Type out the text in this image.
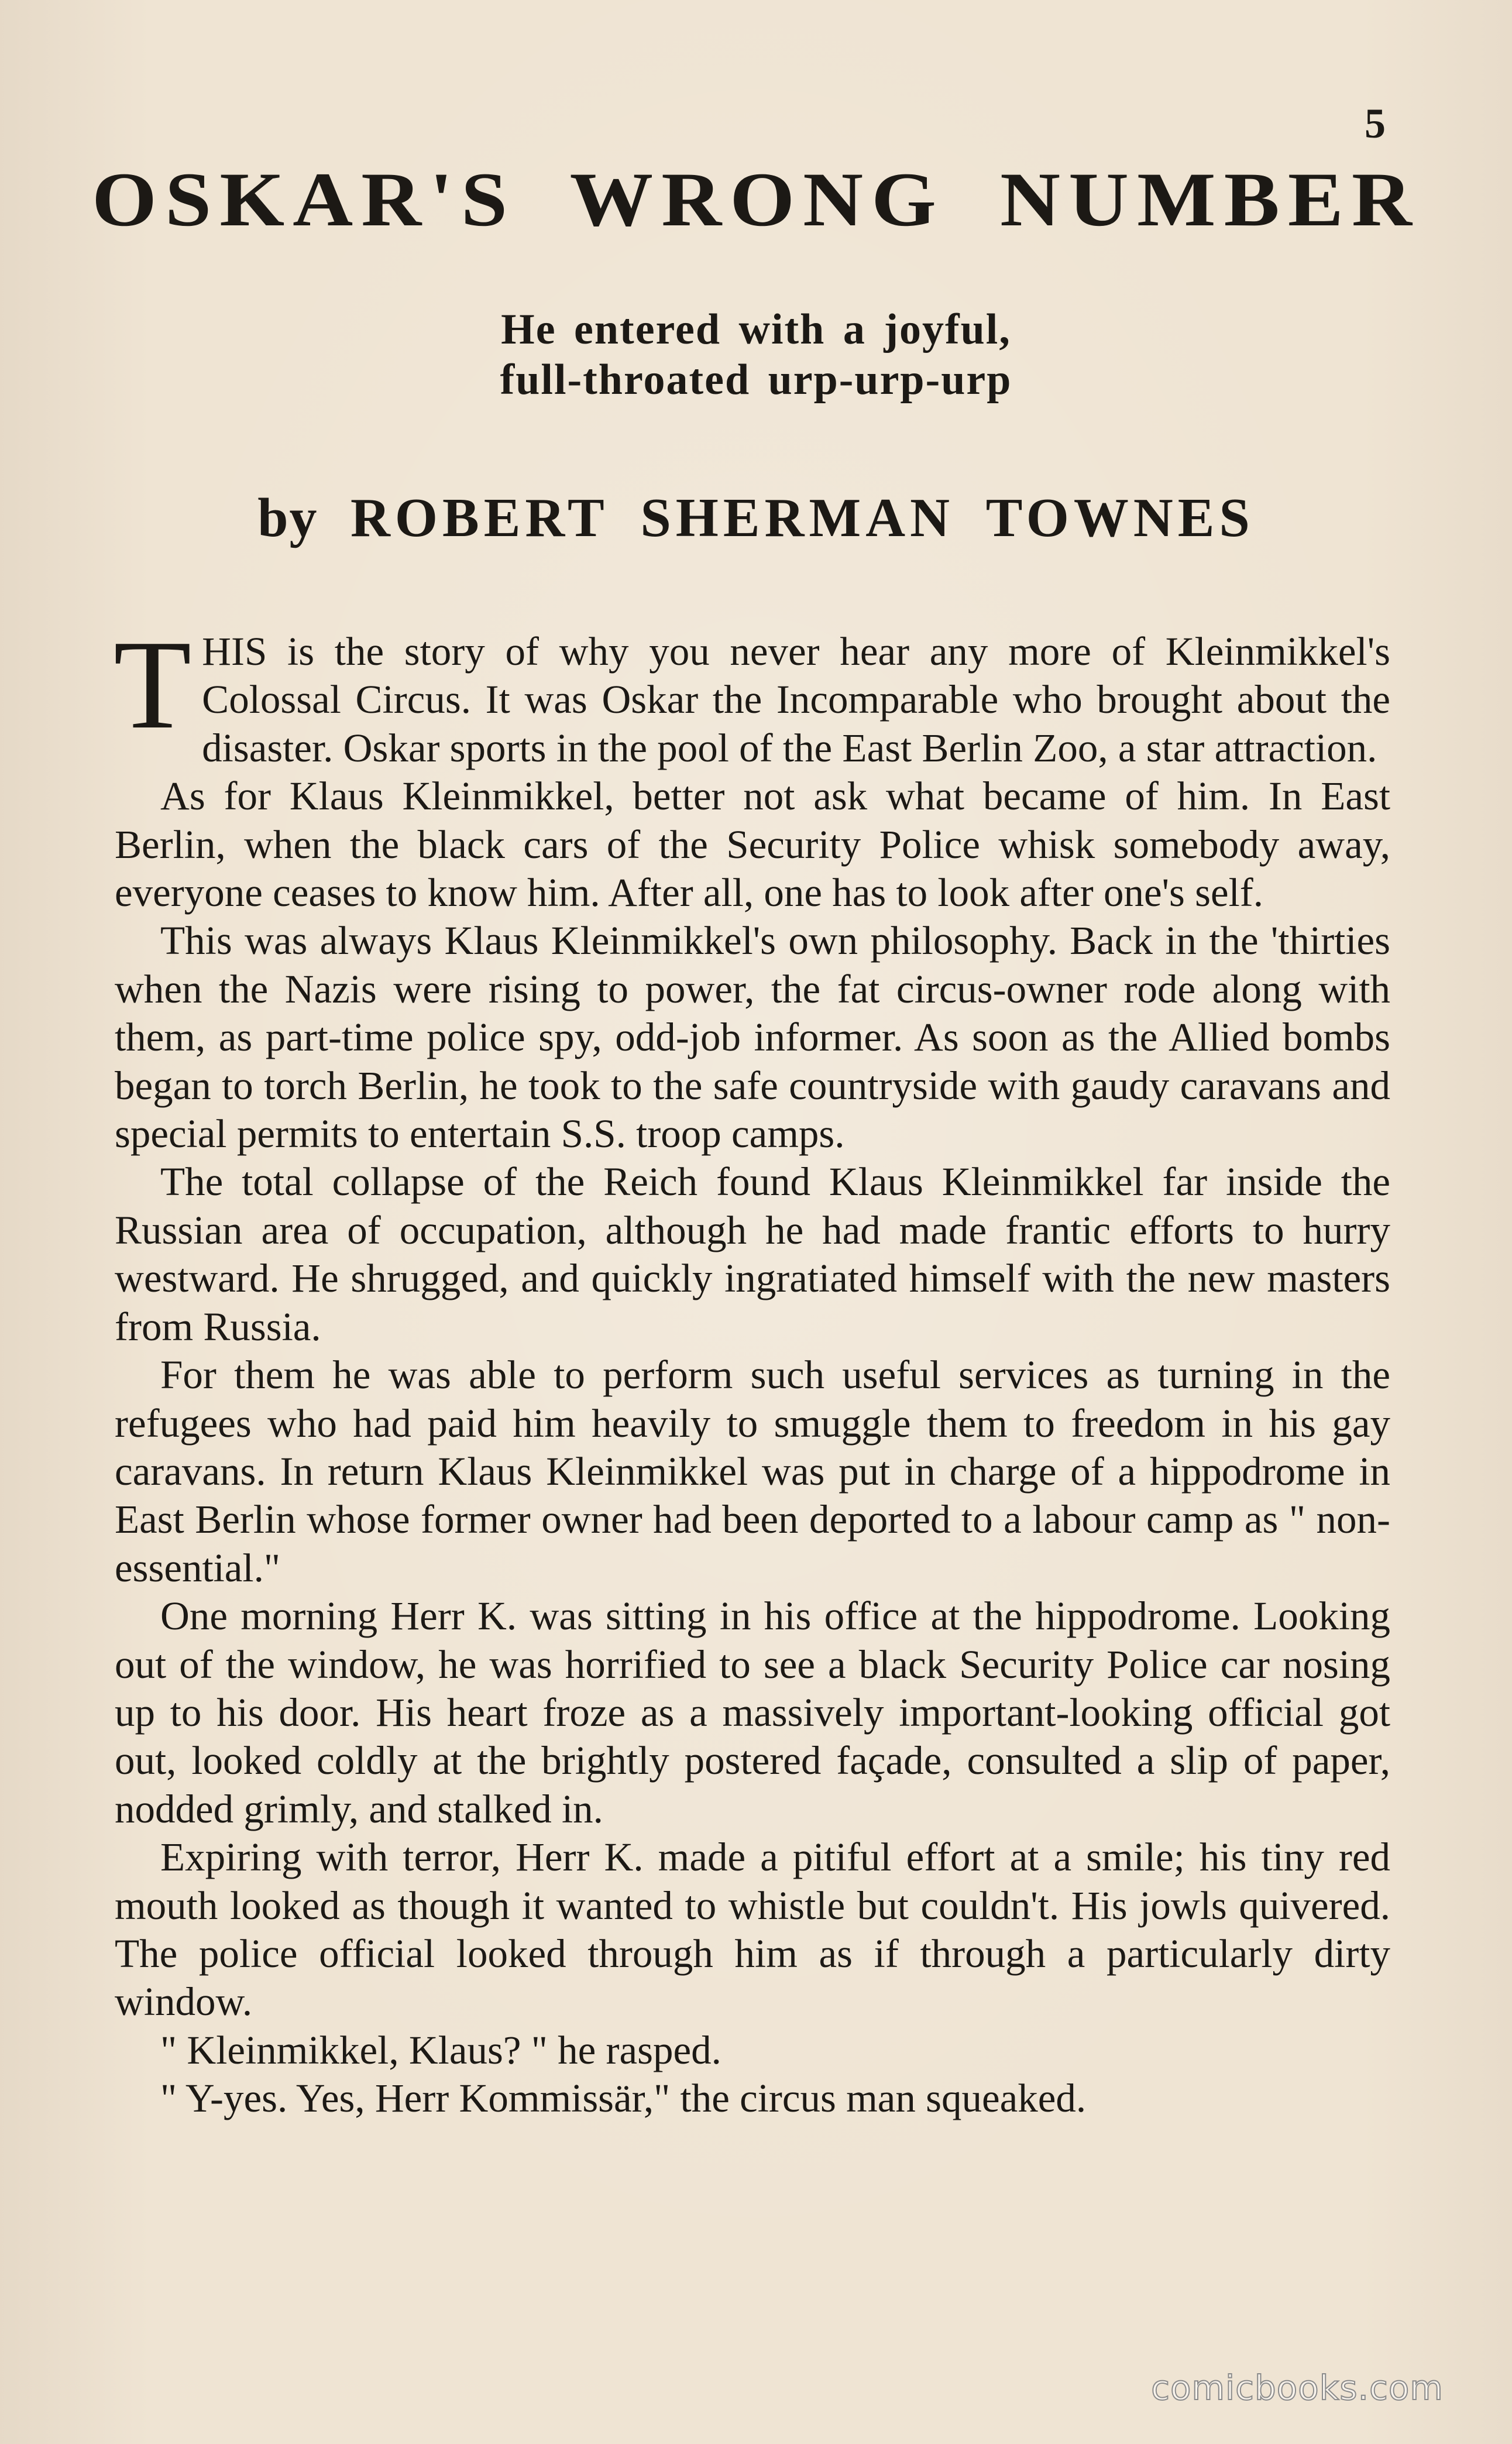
5
OSKAR'S WRONG NUMBER
He entered with a joyful,
full-throated urp-urp-urp
by ROBERT SHERMAN TOWNES

THIS is the story of why you never hear any more of Kleinmikkel's Colossal Circus. It was Oskar the Incomparable who brought about the disaster. Oskar sports in the pool of the East Berlin Zoo, a star attraction.

As for Klaus Kleinmikkel, better not ask what became of him. In East Berlin, when the black cars of the Security Police whisk somebody away, everyone ceases to know him. After all, one has to look after one's self.

This was always Klaus Kleinmikkel's own philosophy. Back in the 'thirties when the Nazis were rising to power, the fat circus-owner rode along with them, as part-time police spy, odd-job informer. As soon as the Allied bombs began to torch Berlin, he took to the safe countryside with gaudy caravans and special permits to entertain S.S. troop camps.

The total collapse of the Reich found Klaus Kleinmikkel far inside the Russian area of occupation, although he had made frantic efforts to hurry westward. He shrugged, and quickly ingratiated himself with the new masters from Russia.

For them he was able to perform such useful services as turning in the refugees who had paid him heavily to smuggle them to freedom in his gay caravans. In return Klaus Kleinmikkel was put in charge of a hippodrome in East Berlin whose former owner had been deported to a labour camp as " non-essential."

One morning Herr K. was sitting in his office at the hippodrome. Looking out of the window, he was horrified to see a black Security Police car nosing up to his door. His heart froze as a massively important-looking official got out, looked coldly at the brightly postered façade, consulted a slip of paper, nodded grimly, and stalked in.

Expiring with terror, Herr K. made a pitiful effort at a smile; his tiny red mouth looked as though it wanted to whistle but couldn't. His jowls quivered. The police official looked through him as if through a particularly dirty window.

" Kleinmikkel, Klaus? " he rasped.

" Y-yes. Yes, Herr Kommissär," the circus man squeaked.

comicbooks.com
